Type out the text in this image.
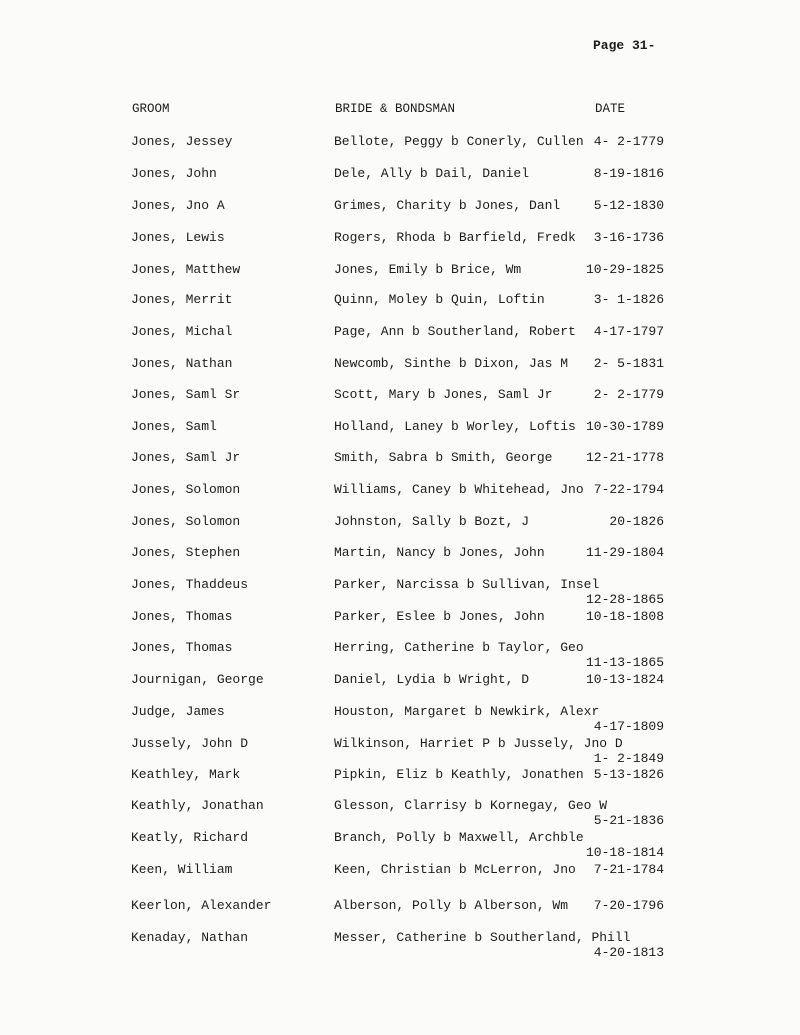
Page 31-
GROOM	BRIDE & BONDSMAN	DATE
Jones, Jessey	Bellote, Peggy b Conerly, Cullen 4- 2-1779
Jones, John	Dele, Ally b Dail, Daniel	8-19-1816
Jones, Jno A	Grimes, Charity b Jones, Danl	5-12-1830
Jones, Lewis	Rogers, Rhoda b Barfield, Fredk 3-16-1736
Jones, Matthew	Jones, Emily b Brice, Wm	10-29-1825
Jones, Merrit	Quinn, Moley b Quin, Loftin	3- 1-1826
Jones, Michal	Page, Ann b Southerland, Robert 4-17-1797
Jones, Nathan	Newcomb, Sinthe b Dixon, Jas M 2- 5-1831
Jones, Saml Sr	Scott, Mary b Jones, Saml Jr	2- 2-1779
Jones, Saml	Holland, Laney b Worley, Loftis 10-30-1789
Jones, Saml Jr	Smith, Sabra b Smith, George	12-21-1778
Jones, Solomon	Williams, Caney b Whitehead, Jno 7-22-1794
Jones, Solomon	Johnston, Sally b Bozt, J	20-1826
Jones, Stephen	Martin, Nancy b Jones, John	11-29-1804
Jones, Thaddeus	Parker, Narcissa b Sullivan, Insel
12-28-1865
Jones, Thomas	Parker, Eslee b Jones, John	10-18-1808
Jones, Thomas	Herring, Catherine b Taylor, Geo
11-13-1865
Journigan, George	Daniel, Lydia b Wright, D	10-13-1824
Judge, James	Houston, Margaret b Newkirk, Alexr
4-17-1809
Jussely, John D	Wilkinson, Harriet P b Jussely, Jno D
1- 2-1849
Keathley, Mark	Pipkin, Eliz b Keathly, Jonathen 5-13-1826
Keathly, Jonathan	Glesson, Clarrisy b Kornegay, Geo W
5-21-1836
Keatly, Richard	Branch, Polly b Maxwell, Archble
10-18-1814
Keen, William	Keen, Christian b McLerron, Jno 7-21-1784
Keerlon, Alexander	Alberson, Polly b Alberson, Wm 7-20-1796
Kenaday, Nathan	Messer, Catherine b Southerland, Phill
4-20-1813
